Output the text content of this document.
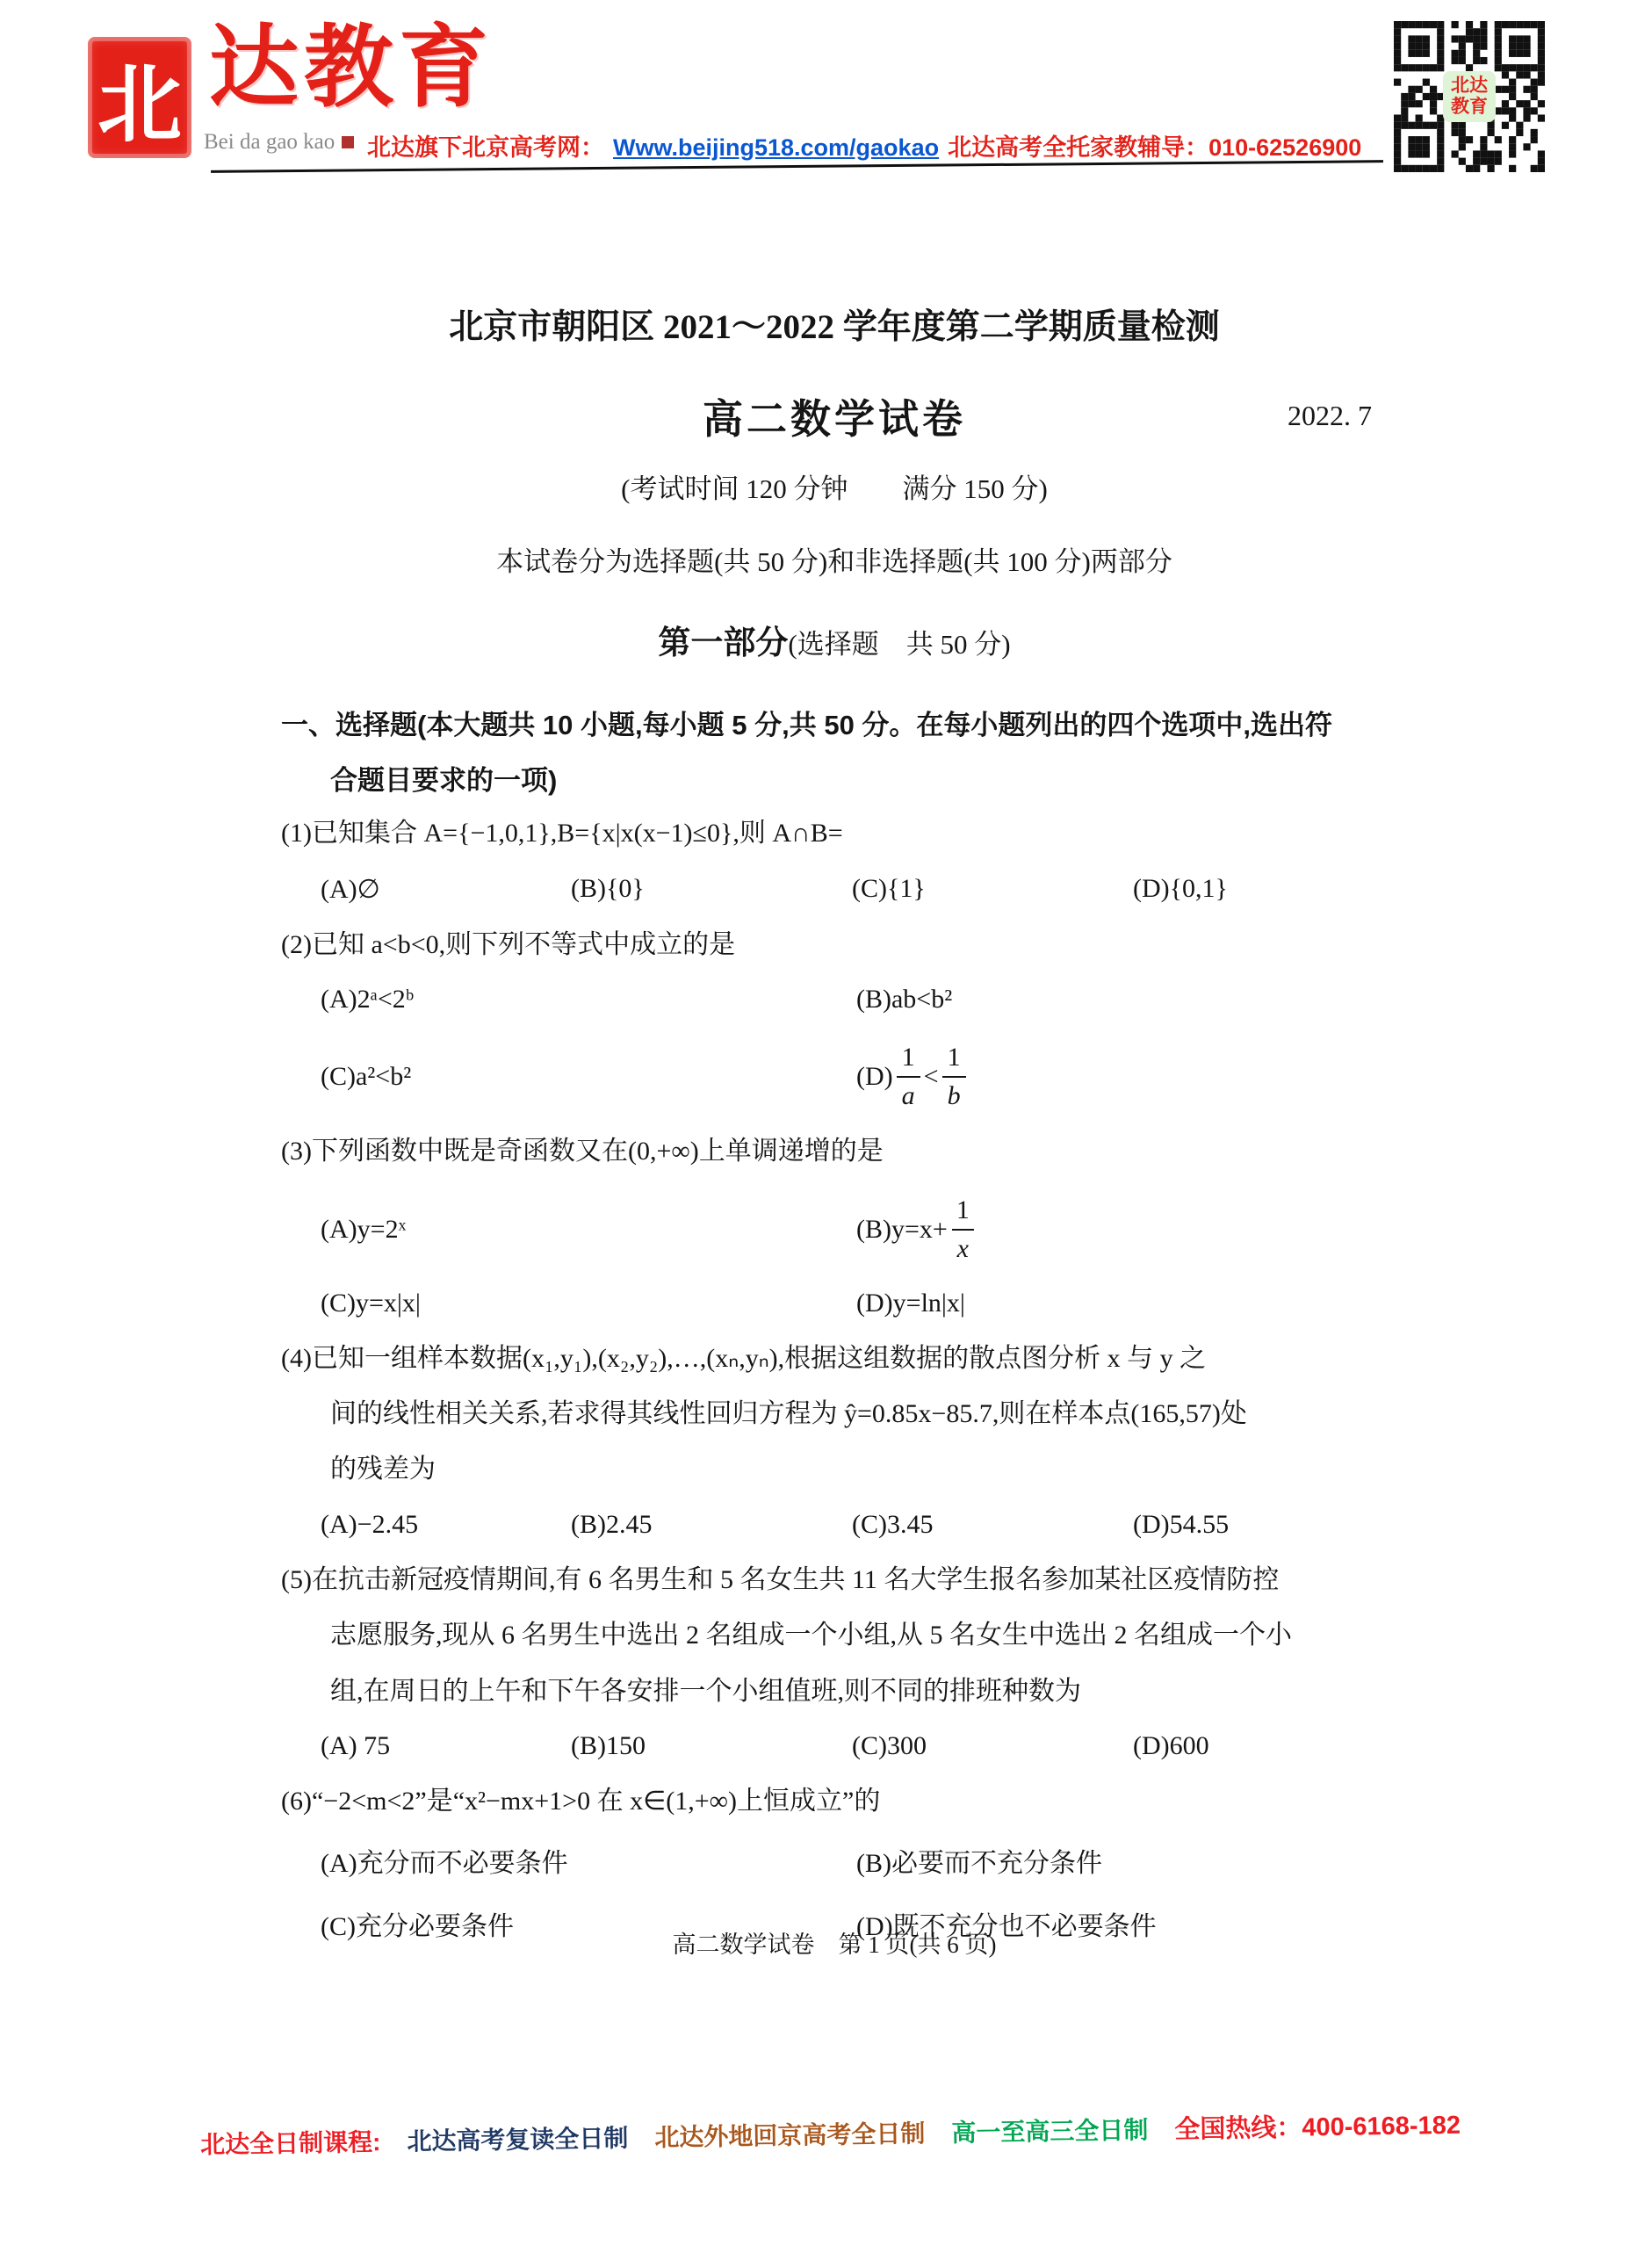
北 达教育
Bei da gao kao 北达旗下北京高考网： Www.beijing518.com/gaokao 北达高考全托家教辅导：010-62526900
北达教育
北京市朝阳区 2021～2022 学年度第二学期质量检测
高二数学试卷	2022. 7
(考试时间 120 分钟　　满分 150 分)
本试卷分为选择题(共 50 分)和非选择题(共 100 分)两部分
第一部分(选择题　共 50 分)
一、选择题(本大题共 10 小题,每小题 5 分,共 50 分。在每小题列出的四个选项中,选出符
合题目要求的一项)
(1)已知集合 A={−1,0,1},B={x|x(x−1)≤0},则 A∩B=
(A)∅	(B){0}	(C){1}	(D){0,1}
(2)已知 a<b<0,则下列不等式中成立的是
(A)2ᵃ<2ᵇ	(B)ab<b²
(C)a²<b²	$(D) \frac{1}{a} < \frac{1}{b}$
(3)下列函数中既是奇函数又在(0,+∞)上单调递增的是
(A)y=2ˣ	$(B)y=x+ \frac{1}{x}$
(C)y=x|x|	(D)y=ln|x|
(4)已知一组样本数据(x₁,y₁),(x₂,y₂),…,(xₙ,yₙ),根据这组数据的散点图分析 x 与 y 之
间的线性相关关系,若求得其线性回归方程为 ŷ=0.85x−85.7,则在样本点(165,57)处
的残差为
(A)−2.45	(B)2.45	(C)3.45	(D)54.55
(5)在抗击新冠疫情期间,有 6 名男生和 5 名女生共 11 名大学生报名参加某社区疫情防控
志愿服务,现从 6 名男生中选出 2 名组成一个小组,从 5 名女生中选出 2 名组成一个小
组,在周日的上午和下午各安排一个小组值班,则不同的排班种数为
(A) 75	(B)150	(C)300	(D)600
(6)“−2<m<2”是“x²−mx+1>0 在 x∈(1,+∞)上恒成立”的
(A)充分而不必要条件	(B)必要而不充分条件
(C)充分必要条件	(D)既不充分也不必要条件
高二数学试卷　第 1 页(共 6 页)
北达全日制课程: 北达高考复读全日制 北达外地回京高考全日制 高一至高三全日制 全国热线：400-6168-182
